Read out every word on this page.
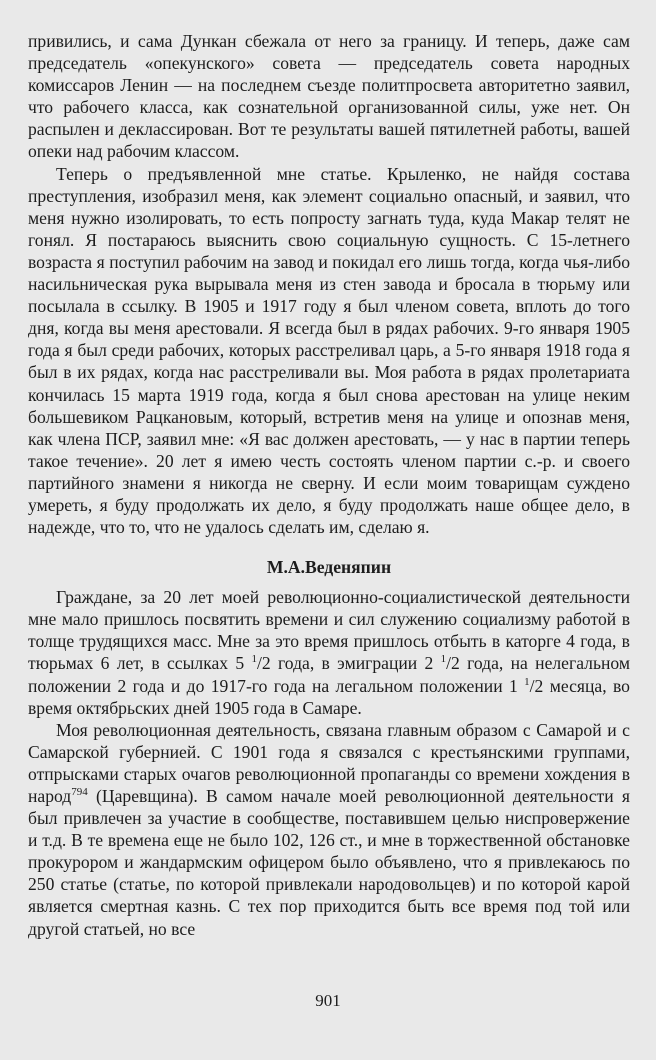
привились, и сама Дункан сбежала от него за границу. И теперь, даже сам председатель «опекунского» совета — председатель совета народных комиссаров Ленин — на последнем съезде политпросвета авторитетно заявил, что рабочего класса, как сознательной организованной силы, уже нет. Он распылен и деклассирован. Вот те результаты вашей пятилетней работы, вашей опеки над рабочим классом.

Теперь о предъявленной мне статье. Крыленко, не найдя состава преступления, изобразил меня, как элемент социально опасный, и заявил, что меня нужно изолировать, то есть попросту загнать туда, куда Макар телят не гонял. Я постараюсь выяснить свою социальную сущность. С 15-летнего возраста я поступил рабочим на завод и покидал его лишь тогда, когда чья-либо насильническая рука вырывала меня из стен завода и бросала в тюрьму или посылала в ссылку. В 1905 и 1917 году я был членом совета, вплоть до того дня, когда вы меня арестовали. Я всегда был в рядах рабочих. 9-го января 1905 года я был среди рабочих, которых расстреливал царь, а 5-го января 1918 года я был в их рядах, когда нас расстреливали вы. Моя работа в рядах пролетариата кончилась 15 марта 1919 года, когда я был снова арестован на улице неким большевиком Рацкановым, который, встретив меня на улице и опознав меня, как члена ПСР, заявил мне: «Я вас должен арестовать, — у нас в партии теперь такое течение». 20 лет я имею честь состоять членом партии с.-р. и своего партийного знамени я никогда не сверну. И если моим товарищам суждено умереть, я буду продолжать их дело, я буду продолжать наше общее дело, в надежде, что то, что не удалось сделать им, сделаю я.

М.А.Веденяпин

Граждане, за 20 лет моей революционно-социалистической деятельности мне мало пришлось посвятить времени и сил служению социализму работой в толще трудящихся масс. Мне за это время пришлось отбыть в каторге 4 года, в тюрьмах 6 лет, в ссылках 5 $^1$/2 года, в эмиграции 2 $^1$/2 года, на нелегальном положении 2 года и до 1917-го года на легальном положении 1 $^1$/2 месяца, во время октябрьских дней 1905 года в Самаре.

Моя революционная деятельность, связана главным образом с Самарой и с Самарской губернией. С 1901 года я связался с крестьянскими группами, отпрысками старых очагов революционной пропаганды со времени хождения в народ$^{794}$ (Царевщина). В самом начале моей революционной деятельности я был привлечен за участие в сообществе, поставившем целью ниспровержение и т.д. В те времена еще не было 102, 126 ст., и мне в торжественной обстановке прокурором и жандармским офицером было объявлено, что я привлекаюсь по 250 статье (статье, по которой привлекали народовольцев) и по которой карой является смертная казнь. С тех пор приходится быть все время под той или другой статьей, но все

901
